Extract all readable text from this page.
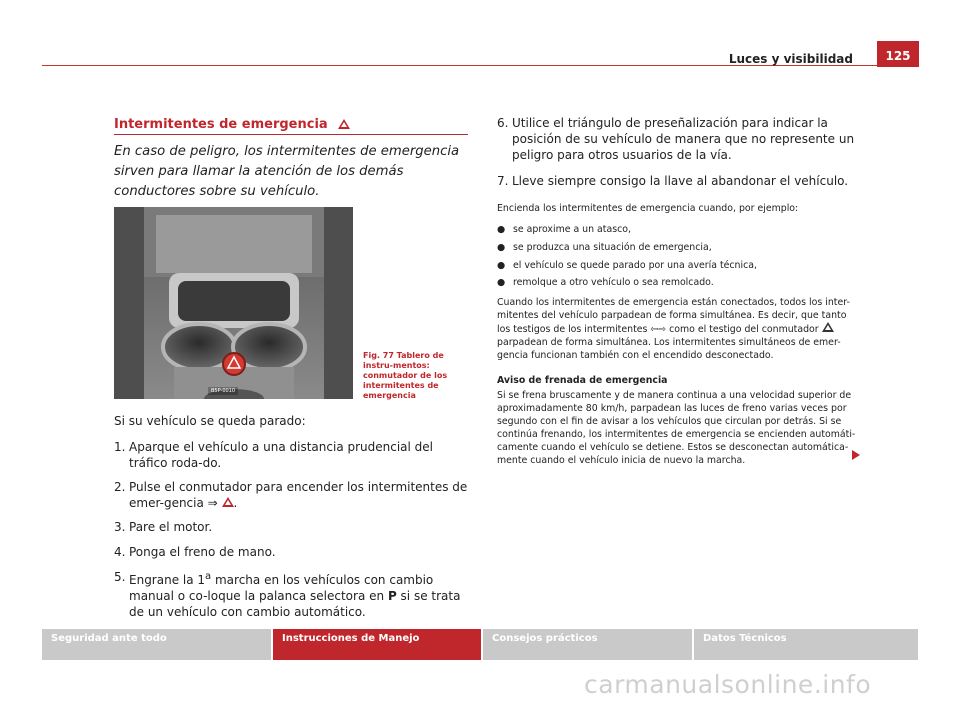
Luces y visibilidad	125
Intermitentes de emergencia
En caso de peligro, los intermitentes de emergencia sirven para llamar la atención de los demás conductores sobre su vehículo.
B5P-0010
Fig. 77 Tablero de instru-mentos: conmutador de los intermitentes de emergencia
Si su vehículo se queda parado:
1. Aparque el vehículo a una distancia prudencial del tráfico roda-do.
2. Pulse el conmutador para encender los intermitentes de emer-gencia ⇒ .
3. Pare el motor.
4. Ponga el freno de mano.
5. Engrane la 1$^a$ marcha en los vehículos con cambio manual o co-loque la palanca selectora en P si se trata de un vehículo con cambio automático.
6. Utilice el triángulo de preseñalización para indicar la posición de su vehículo de manera que no represente un peligro para otros usuarios de la vía.
7. Lleve siempre consigo la llave al abandonar el vehículo.
Encienda los intermitentes de emergencia cuando, por ejemplo:
● se aproxime a un atasco,
● se produzca una situación de emergencia,
● el vehículo se quede parado por una avería técnica,
● remolque a otro vehículo o sea remolcado.
Cuando los intermitentes de emergencia están conectados, todos los inter-mitentes del vehículo parpadean de forma simultánea. Es decir, que tanto los testigos de los intermitentes ⇦⇨ como el testigo del conmutador  parpadean de forma simultánea. Los intermitentes simultáneos de emer-gencia funcionan también con el encendido desconectado.
Aviso de frenada de emergencia
Si se frena bruscamente y de manera continua a una velocidad superior de aproximadamente 80 km/h, parpadean las luces de freno varias veces por segundo con el fin de avisar a los vehículos que circulan por detrás. Si se continúa frenando, los intermitentes de emergencia se encienden automáti-camente cuando el vehículo se detiene. Estos se desconectan automática-mente cuando el vehículo inicia de nuevo la marcha.
Seguridad ante todo	Instrucciones de Manejo	Consejos prácticos	Datos Técnicos
carmanualsonline.info
